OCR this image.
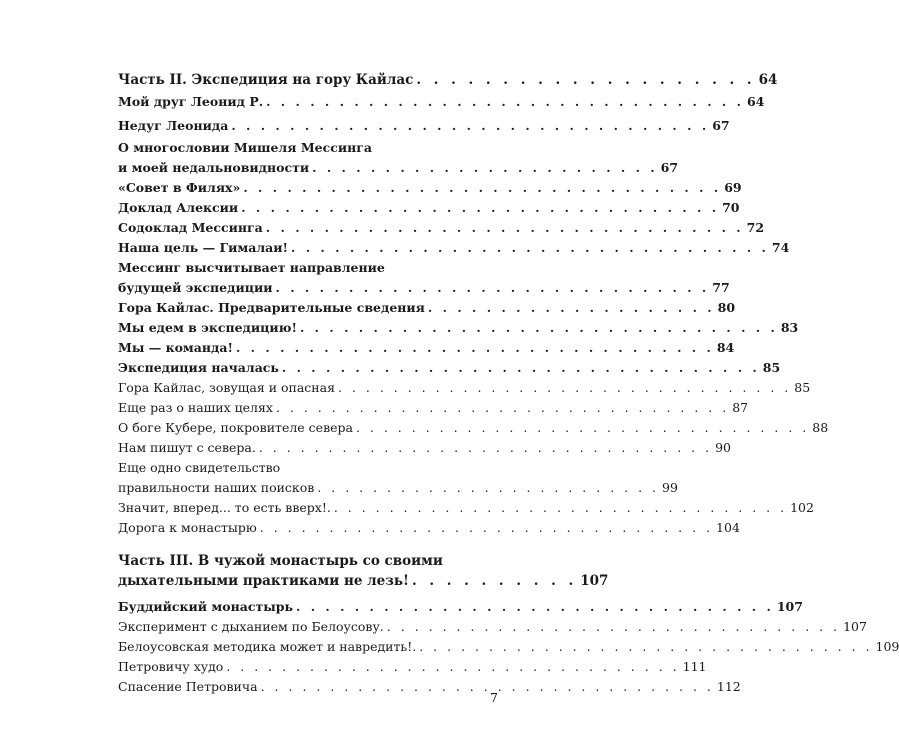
Часть II. Экспедиция на гору Кайлас . . . . . . . . . . . . . . . . . . . . 64
Мой друг Леонид Р. . . . . . . . . . . . . . . . . . . . . . . . . . . . . . . . . . 64
Недуг Леонида . . . . . . . . . . . . . . . . . . . . . . . . . . . . . . . . . 67
О многословии Мишеля Мессинга
и моей недальновидности . . . . . . . . . . . . . . . . . . . . . . . . 67
«Совет в Филях» . . . . . . . . . . . . . . . . . . . . . . . . . . . . . . . . . 69
Доклад Алексии . . . . . . . . . . . . . . . . . . . . . . . . . . . . . . . . . 70
Содоклад Мессинга . . . . . . . . . . . . . . . . . . . . . . . . . . . . . . . . . 72
Наша цель — Гималаи! . . . . . . . . . . . . . . . . . . . . . . . . . . . . . . . . . 74
Мессинг высчитывает направление
будущей экспедиции . . . . . . . . . . . . . . . . . . . . . . . . . . . . . . 77
Гора Кайлас. Предварительные сведения . . . . . . . . . . . . . . . . . . . . 80
Мы едем в экспедицию! . . . . . . . . . . . . . . . . . . . . . . . . . . . . . . . . . 83
Мы — команда! . . . . . . . . . . . . . . . . . . . . . . . . . . . . . . . . . 84
Экспедиция началась . . . . . . . . . . . . . . . . . . . . . . . . . . . . . . . . . 85
Гора Кайлас, зовущая и опасная . . . . . . . . . . . . . . . . . . . . . . . . . . . . . . . . . 85
Еще раз о наших целях . . . . . . . . . . . . . . . . . . . . . . . . . . . . . . . . . 87
О боге Кубере, покровителе севера . . . . . . . . . . . . . . . . . . . . . . . . . . . . . . . . . 88
Нам пишут с севера. . . . . . . . . . . . . . . . . . . . . . . . . . . . . . . . . . 90
Еще одно свидетельство
правильности наших поисков . . . . . . . . . . . . . . . . . . . . . . . . . 99
Значит, вперед... то есть вверх!. . . . . . . . . . . . . . . . . . . . . . . . . . . . . . . . . . 102
Дорога к монастырю . . . . . . . . . . . . . . . . . . . . . . . . . . . . . . . . . 104
Часть III. В чужой монастырь со своими
дыхательными практиками не лезь! . . . . . . . . . . 107
Буддийский монастырь . . . . . . . . . . . . . . . . . . . . . . . . . . . . . . . . . 107
Эксперимент с дыханием по Белоусову. . . . . . . . . . . . . . . . . . . . . . . . . . . . . . . . . . 107
Белоусовская методика может и навредить!. . . . . . . . . . . . . . . . . . . . . . . . . . . . . . . . . . 109
Петровичу худо . . . . . . . . . . . . . . . . . . . . . . . . . . . . . . . . . 111
Спасение Петровича . . . . . . . . . . . . . . . . . . . . . . . . . . . . . . . . . 112
7
